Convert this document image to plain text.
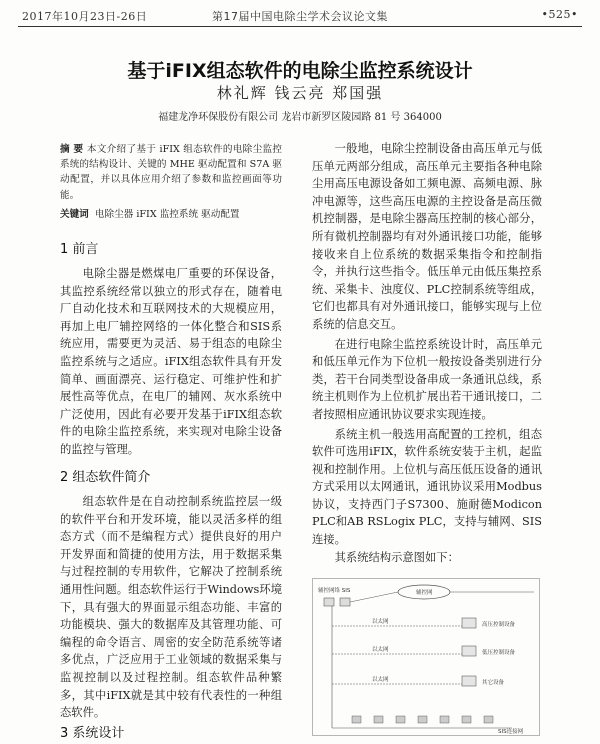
2017年10月23日-26日	第17届中国电除尘学术会议论文集	•525•
基于iFIX组态软件的电除尘监控系统设计
林礼辉 钱云亮 郑国强
福建龙净环保股份有限公司 龙岩市新罗区陵园路 81 号 364000

摘 要 本文介绍了基于 iFIX 组态软件的电除尘监控系统的结构设计、关键的 MHE 驱动配置和 S7A 驱动配置，并以具体应用介绍了参数和监控画面等功能。

关键词 电除尘器 iFIX 监控系统 驱动配置
1 前言

电除尘器是燃煤电厂重要的环保设备，其监控系统经常以独立的形式存在，随着电厂自动化技术和互联网技术的大规模应用，再加上电厂辅控网络的一体化整合和SIS系统应用，需要更为灵活、易于组态的电除尘监控系统与之适应。iFIX组态软件具有开发简单、画面漂亮、运行稳定、可维护性和扩展性高等优点，在电厂的辅网、灰水系统中广泛使用，因此有必要开发基于iFIX组态软件的电除尘监控系统，来实现对电除尘设备的监控与管理。

2 组态软件简介

组态软件是在自动控制系统监控层一级的软件平台和开发环境，能以灵活多样的组态方式（而不是编程方式）提供良好的用户开发界面和简捷的使用方法，用于数据采集与过程控制的专用软件，它解决了控制系统通用性问题。组态软件运行于Windows环境下，具有强大的界面显示组态功能、丰富的功能模块、强大的数据库及其管理功能、可编程的命令语言、周密的安全防范系统等诸多优点，广泛应用于工业领域的数据采集与监视控制以及过程控制。组态软件品种繁多，其中iFIX就是其中较有代表性的一种组态软件。

3 系统设计

一般地，电除尘控制设备由高压单元与低压单元两部分组成，高压单元主要指各种电除尘用高压电源设备如工频电源、高频电源、脉冲电源等，这些高压电源的主控设备是高压微机控制器，是电除尘器高压控制的核心部分，所有微机控制器均有对外通讯接口功能，能够接收来自上位系统的数据采集指令和控制指令，并执行这些指令。低压单元由低压集控系统、采集卡、浊度仪、PLC控制系统等组成，它们也都具有对外通讯接口，能够实现与上位系统的信息交互。

在进行电除尘监控系统设计时，高压单元和低压单元作为下位机一般按设备类别进行分类，若干台同类型设备串成一条通讯总线，系统主机则作为上位机扩展出若干通讯接口，二者按照相应通讯协议要求实现连接。

系统主机一般选用高配置的工控机，组态软件可选用iFIX，软件系统安装于主机，起监视和控制作用。上位机与高压低压设备的通讯方式采用以太网通讯，通讯协议采用Modbus协议，支持西门子S7300、施耐德Modicon PLC和AB RSLogix PLC，支持与辅网、SIS连接。

其系统结构示意图如下：

辅控网
辅控网络 SIS
以太网	高压控制设备
以太网	低压控制设备
以太网	其它设备
SIS连接网
